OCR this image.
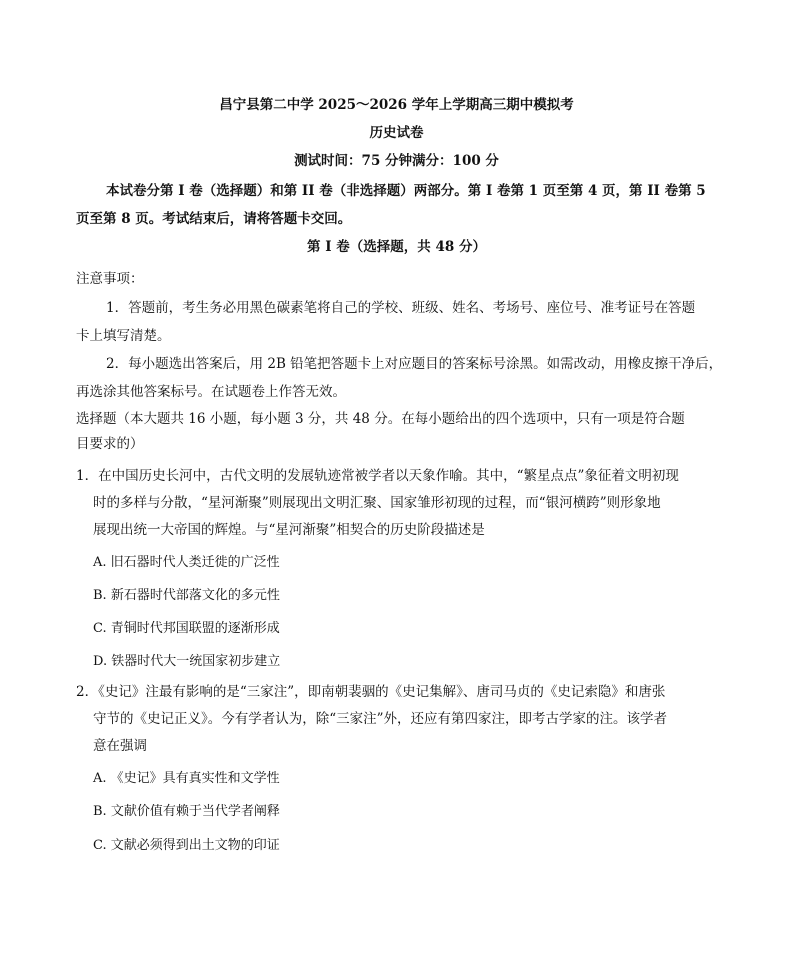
昌宁县第二中学 2025～2026 学年上学期高三期中模拟考
历史试卷
测试时间：75 分钟满分：100 分
本试卷分第 I 卷（选择题）和第 II 卷（非选择题）两部分。第 I 卷第 1 页至第 4 页，第 II 卷第 5
页至第 8 页。考试结束后，请将答题卡交回。
第 I 卷（选择题，共 48 分）
注意事项：
1．答题前，考生务必用黑色碳素笔将自己的学校、班级、姓名、考场号、座位号、准考证号在答题
卡上填写清楚。
2．每小题选出答案后，用 2B 铅笔把答题卡上对应题目的答案标号涂黑。如需改动，用橡皮擦干净后，
再选涂其他答案标号。在试题卷上作答无效。
选择题（本大题共 16 小题，每小题 3 分，共 48 分。在每小题给出的四个选项中，只有一项是符合题
目要求的）
1．在中国历史长河中，古代文明的发展轨迹常被学者以天象作喻。其中，“繁星点点”象征着文明初现
时的多样与分散，“星河渐聚”则展现出文明汇聚、国家雏形初现的过程，而“银河横跨”则形象地
展现出统一大帝国的辉煌。与“星河渐聚”相契合的历史阶段描述是
A. 旧石器时代人类迁徙的广泛性
B. 新石器时代部落文化的多元性
C. 青铜时代邦国联盟的逐渐形成
D. 铁器时代大一统国家初步建立
2．《史记》注最有影响的是“三家注”，即南朝裴骃的《史记集解》、唐司马贞的《史记索隐》和唐张
守节的《史记正义》。今有学者认为，除“三家注”外，还应有第四家注，即考古学家的注。该学者
意在强调
A. 《史记》具有真实性和文学性
B. 文献价值有赖于当代学者阐释
C. 文献必须得到出土文物的印证
